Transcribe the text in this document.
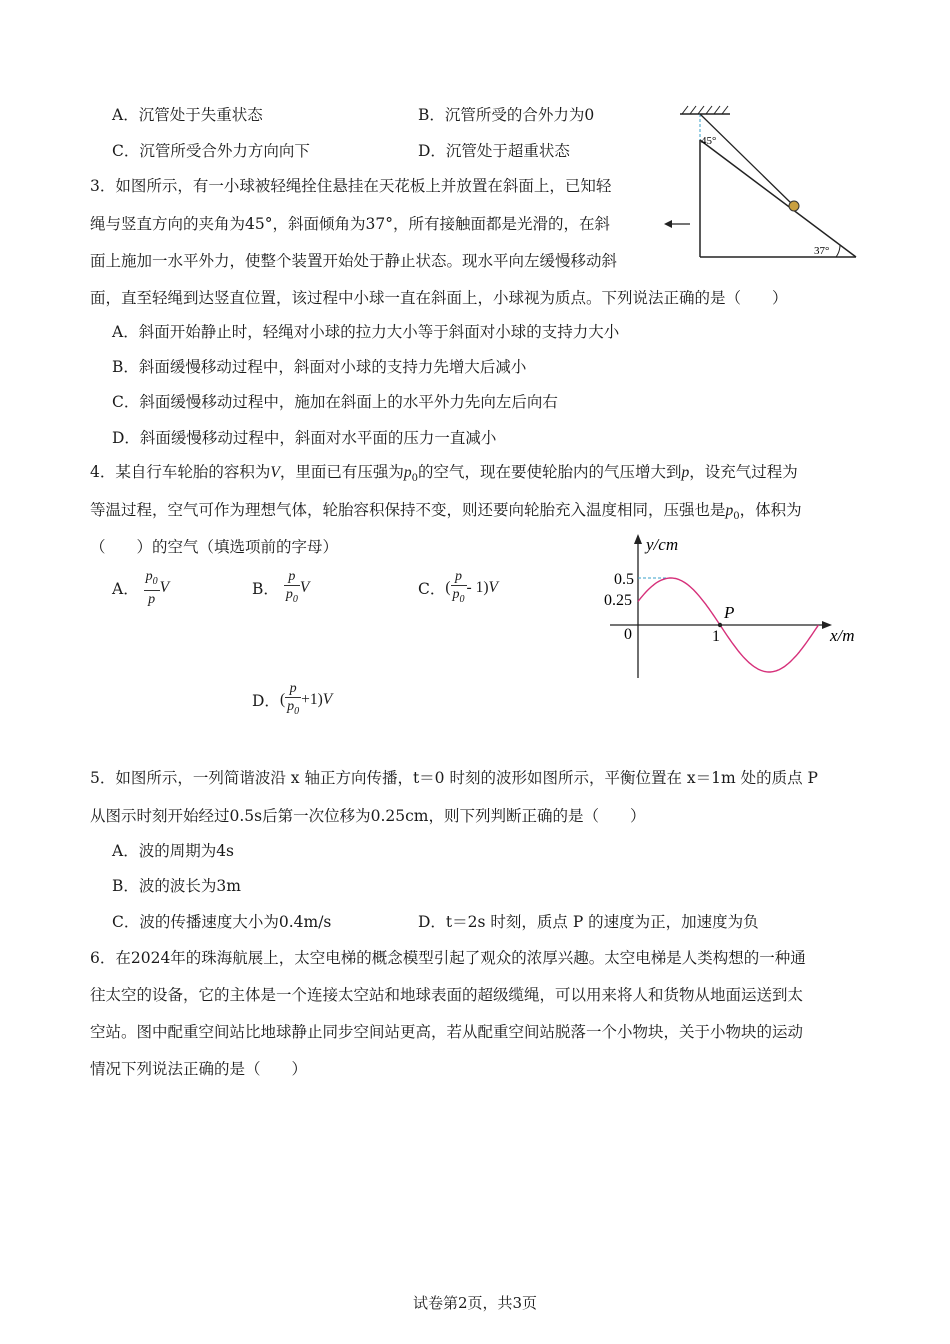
A．沉管处于失重状态	B．沉管所受的合外力为0
C．沉管所受合外力方向向下	D．沉管处于超重状态
3．如图所示，有一小球被轻绳拴住悬挂在天花板上并放置在斜面上，已知轻
绳与竖直方向的夹角为45°，斜面倾角为37°，所有接触面都是光滑的，在斜
面上施加一水平外力，使整个装置开始处于静止状态。现水平向左缓慢移动斜
面，直至轻绳到达竖直位置，该过程中小球一直在斜面上，小球视为质点。下列说法正确的是（　　）
A．斜面开始静止时，轻绳对小球的拉力大小等于斜面对小球的支持力大小
B．斜面缓慢移动过程中，斜面对小球的支持力先增大后减小
C．斜面缓慢移动过程中，施加在斜面上的水平外力先向左后向右
D．斜面缓慢移动过程中，斜面对水平面的压力一直减小
45°
37°
4．某自行车轮胎的容积为V，里面已有压强为$p_0$的空气，现在要使轮胎内的气压增大到p，设充气过程为
等温过程，空气可作为理想气体，轮胎容积保持不变，则还要向轮胎充入温度相同，压强也是$p_0$，体积为
（　　）的空气（填选项前的字母）
A． $\frac{p_0}{p}$ V	B． $\frac{p}{p_0}$ V	C．( $\frac{p}{p_0} - 1)V$
D．( $\frac{p}{p_0} +1)V$
y/cm
x/m
0.5
0.25
0	1
P
5．如图所示，一列简谐波沿 x 轴正方向传播，t＝0 时刻的波形如图所示，平衡位置在 x＝1m 处的质点 P
从图示时刻开始经过0.5s后第一次位移为0.25cm，则下列判断正确的是（　　）
A．波的周期为4s
B．波的波长为3m
C．波的传播速度大小为0.4m/s	D．t＝2s 时刻，质点 P 的速度为正，加速度为负
6．在2024年的珠海航展上，太空电梯的概念模型引起了观众的浓厚兴趣。太空电梯是人类构想的一种通
往太空的设备，它的主体是一个连接太空站和地球表面的超级缆绳，可以用来将人和货物从地面运送到太
空站。图中配重空间站比地球静止同步空间站更高，若从配重空间站脱落一个小物块，关于小物块的运动
情况下列说法正确的是（　　）
试卷第2页，共3页
